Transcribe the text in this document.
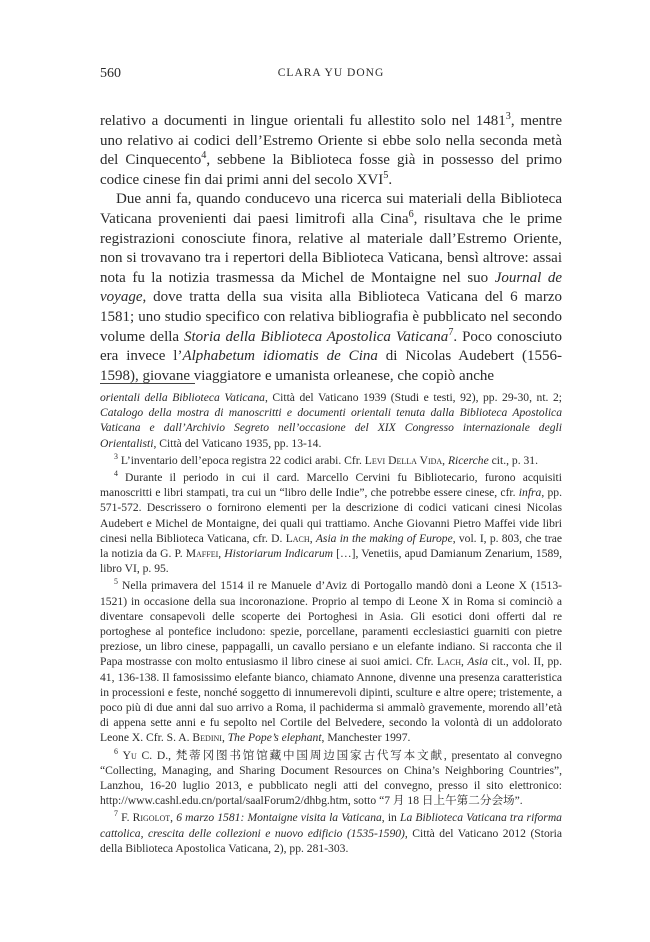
560	CLARA YU DONG

relativo a documenti in lingue orientali fu allestito solo nel 1481$^3$, mentre uno relativo ai codici dell’Estremo Oriente si ebbe solo nella seconda metà del Cinquecento$^4$, sebbene la Biblioteca fosse già in possesso del primo codice cinese fin dai primi anni del secolo XVI$^5$.

Due anni fa, quando conducevo una ricerca sui materiali della Biblioteca Vaticana provenienti dai paesi limitrofi alla Cina$^6$, risultava che le prime registrazioni conosciute finora, relative al materiale dall’Estremo Oriente, non si trovavano tra i repertori della Biblioteca Vaticana, bensì altrove: assai nota fu la notizia trasmessa da Michel de Montaigne nel suo Journal de voyage, dove tratta della sua visita alla Biblioteca Vaticana del 6 marzo 1581; uno studio specifico con relativa bibliografia è pubblicato nel secondo volume della Storia della Biblioteca Apostolica Vaticana$^7$. Poco conosciuto era invece l’Alphabetum idiomatis de Cina di Nicolas Audebert (1556-1598), giovane viaggiatore e umanista orleanese, che copiò anche

orientali della Biblioteca Vaticana, Città del Vaticano 1939 (Studi e testi, 92), pp. 29-30, nt. 2; Catalogo della mostra di manoscritti e documenti orientali tenuta dalla Biblioteca Apostolica Vaticana e dall’Archivio Segreto nell’occasione del XIX Congresso internazionale degli Orientalisti, Città del Vaticano 1935, pp. 13-14.

$^3$ L’inventario dell’epoca registra 22 codici arabi. Cfr. Levi Della Vida, Ricerche cit., p. 31.

$^4$ Durante il periodo in cui il card. Marcello Cervini fu Bibliotecario, furono acquisiti manoscritti e libri stampati, tra cui un “libro delle Indie”, che potrebbe essere cinese, cfr. infra, pp. 571-572. Descrissero o fornirono elementi per la descrizione di codici vaticani cinesi Nicolas Audebert e Michel de Montaigne, dei quali qui trattiamo. Anche Giovanni Pietro Maffei vide libri cinesi nella Biblioteca Vaticana, cfr. D. Lach, Asia in the making of Europe, vol. I, p. 803, che trae la notizia da G. P. Maffei, Historiarum Indicarum […], Venetiis, apud Damianum Zenarium, 1589, libro VI, p. 95.

$^5$ Nella primavera del 1514 il re Manuele d’Aviz di Portogallo mandò doni a Leone X (1513-1521) in occasione della sua incoronazione. Proprio al tempo di Leone X in Roma si cominciò a diventare consapevoli delle scoperte dei Portoghesi in Asia. Gli esotici doni offerti dal re portoghese al pontefice includono: spezie, porcellane, paramenti ecclesiastici guarniti con pietre preziose, un libro cinese, pappagalli, un cavallo persiano e un elefante indiano. Si racconta che il Papa mostrasse con molto entusiasmo il libro cinese ai suoi amici. Cfr. Lach, Asia cit., vol. II, pp. 41, 136-138. Il famosissimo elefante bianco, chiamato Annone, divenne una presenza caratteristica in processioni e feste, nonché soggetto di innumerevoli dipinti, sculture e altre opere; tristemente, a poco più di due anni dal suo arrivo a Roma, il pachiderma si ammalò gravemente, morendo all’età di appena sette anni e fu sepolto nel Cortile del Belvedere, secondo la volontà di un addolorato Leone X. Cfr. S. A. Bedini, The Pope’s elephant, Manchester 1997.

$^6$ Yu C. D., 梵蒂冈图书馆馆藏中国周边国家古代写本文献, presentato al convegno “Collecting, Managing, and Sharing Document Resources on China’s Neighboring Countries”, Lanzhou, 16-20 luglio 2013, e pubblicato negli atti del convegno, presso il sito elettronico: http://www.cashl.edu.cn/portal/saalForum2/dhbg.htm, sotto “7 月 18 日上午第二分会场”.

$^7$ F. Rigolot, 6 marzo 1581: Montaigne visita la Vaticana, in La Biblioteca Vaticana tra riforma cattolica, crescita delle collezioni e nuovo edificio (1535-1590), Città del Vaticano 2012 (Storia della Biblioteca Apostolica Vaticana, 2), pp. 281-303.
